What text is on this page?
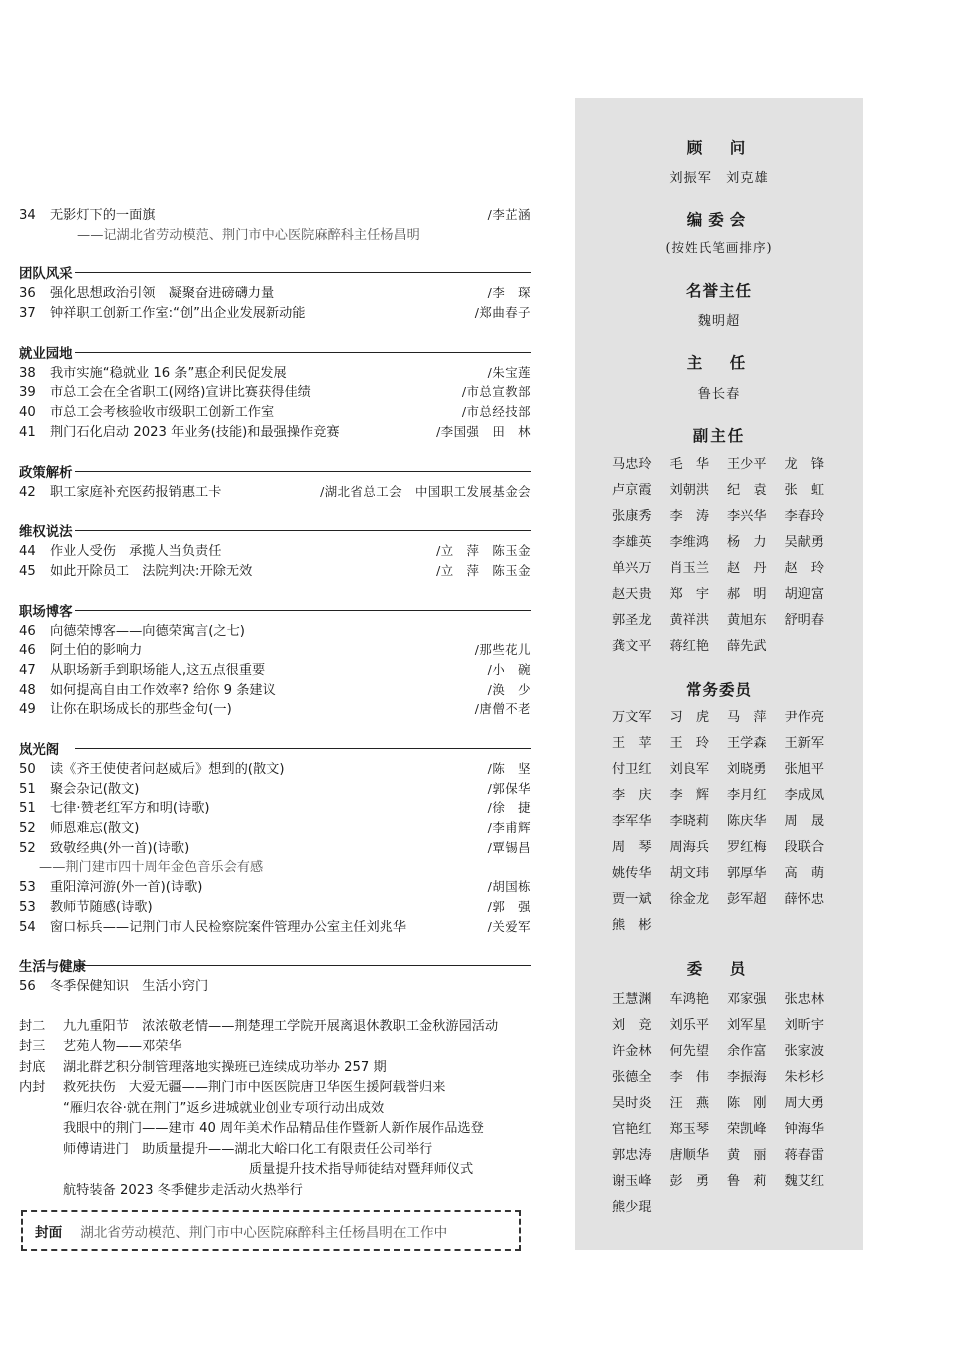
34	无影灯下的一面旗	/李芷涵
——记湖北省劳动模范、荆门市中心医院麻醉科主任杨昌明
团队风采
36	强化思想政治引领　凝聚奋进磅礴力量	/李　琛
37	钟祥职工创新工作室:“创”出企业发展新动能	/郑曲春子
就业园地
38	我市实施“稳就业 16 条”惠企利民促发展	/朱宝莲
39	市总工会在全省职工(网络)宣讲比赛获得佳绩	/市总宣教部
40	市总工会考核验收市级职工创新工作室	/市总经技部
41	荆门石化启动 2023 年业务(技能)和最强操作竞赛	/李国强　田　林
政策解析
42	职工家庭补充医药报销惠工卡	/湖北省总工会　中国职工发展基金会
维权说法
44	作业人受伤　承揽人当负责任	/立　萍　陈玉金
45	如此开除员工　法院判决:开除无效	/立　萍　陈玉金
职场博客
46	向德荣博客——向德荣寓言(之七)
46	阿土伯的影响力	/那些花儿
47	从职场新手到职场能人,这五点很重要	/小　碗
48	如何提高自由工作效率? 给你 9 条建议	/涣　少
49	让你在职场成长的那些金句(一)	/唐僧不老
岚光阁
50	读《齐王使使者问赵威后》想到的(散文)	/陈　坚
51	聚会杂记(散文)	/郭保华
51	七律·赞老红军方和明(诗歌)	/徐　捷
52	师恩难忘(散文)	/李甫辉
52	致敬经典(外一首)(诗歌)	/覃锡昌
——荆门建市四十周年金色音乐会有感
53	重阳漳河游(外一首)(诗歌)	/胡国栋
53	教师节随感(诗歌)	/郭　强
54	窗口标兵——记荆门市人民检察院案件管理办公室主任刘兆华	/关爱军
生活与健康
56	冬季保健知识　生活小窍门
封二	九九重阳节　浓浓敬老情——荆楚理工学院开展离退休教职工金秋游园活动
封三	艺苑人物——邓荣华
封底	湖北群艺积分制管理落地实操班已连续成功举办 257 期
内封	救死扶伤　大爱无疆——荆门市中医医院唐卫华医生援阿载誉归来
“雁归农谷·就在荆门”返乡进城就业创业专项行动出成效
我眼中的荆门——建市 40 周年美术作品精品佳作暨新人新作展作品选登
师傅请进门　助质量提升——湖北大峪口化工有限责任公司举行
质量提升技术指导师徒结对暨拜师仪式
航特装备 2023 冬季健步走活动火热举行
封面 湖北省劳动模范、荆门市中心医院麻醉科主任杨昌明在工作中
顾　问
刘振军　刘克雄
编委会
(按姓氏笔画排序)
名誉主任
魏明超
主　任
鲁长春
副主任
马忠玲	毛　华	王少平	龙　锋
卢京霞	刘朝洪	纪　袁	张　虹
张康秀	李　涛	李兴华	李春玲
李雄英	李维鸿	杨　力	吴献勇
单兴万	肖玉兰	赵　丹	赵　玲
赵天贵	郑　宇	郝　明	胡迎富
郭圣龙	黄祥洪	黄旭东	舒明春
龚文平	蒋红艳	薛先武
常务委员
万文军	习　虎	马　萍	尹作亮
王　苹	王　玲	王学森	王新军
付卫红	刘良军	刘晓勇	张旭平
李　庆	李　辉	李月红	李成凤
李军华	李晓莉	陈庆华	周　晟
周　琴	周海兵	罗红梅	段联合
姚传华	胡文玮	郭厚华	高　萌
贾一斌	徐金龙	彭军超	薛怀忠
熊　彬
委　员
王慧渊	车鸿艳	邓家强	张忠林
刘　竞	刘乐平	刘军星	刘昕宇
许金林	何先望	余作富	张家波
张德全	李　伟	李振海	朱杉杉
吴时炎	汪　燕	陈　刚	周大勇
官艳红	郑玉琴	荣凯峰	钟海华
郭忠涛	唐顺华	黄　丽	蒋春雷
谢玉峰	彭　勇	鲁　莉	魏艾红
熊少琨
